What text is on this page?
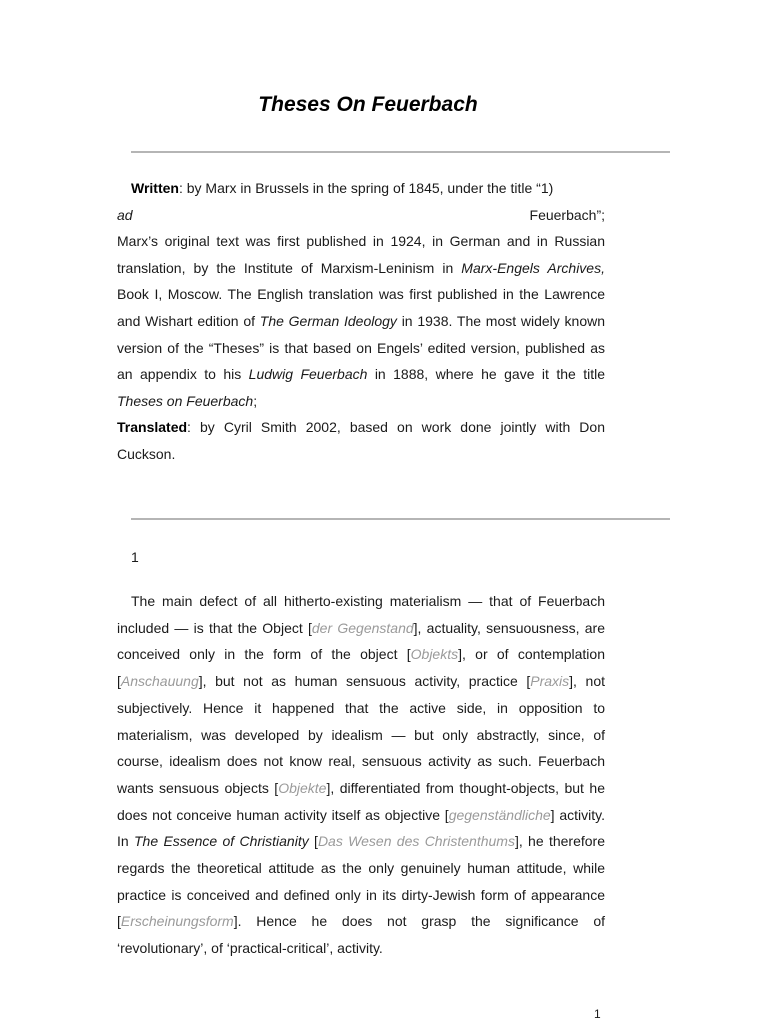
Theses On Feuerbach

Written: by Marx in Brussels in the spring of 1845, under the title “1)

ad	Feuerbach”;

Marx’s original text was first published in 1924, in German and in Russian translation, by the Institute of Marxism-Leninism in Marx-Engels Archives, Book I, Moscow. The English translation was first published in the Lawrence and Wishart edition of The German Ideology in 1938. The most widely known version of the “Theses” is that based on Engels’ edited version, published as an appendix to his Ludwig Feuerbach in 1888, where he gave it the title Theses on Feuerbach;

Translated: by Cyril Smith 2002, based on work done jointly with Don Cuckson.

1

The main defect of all hitherto-existing materialism — that of Feuerbach included — is that the Object [der Gegenstand], actuality, sensuousness, are conceived only in the form of the object [Objekts], or of contemplation [Anschauung], but not as human sensuous activity, practice [Praxis], not subjectively. Hence it happened that the active side, in opposition to materialism, was developed by idealism — but only abstractly, since, of course, idealism does not know real, sensuous activity as such. Feuerbach wants sensuous objects [Objekte], differentiated from thought-objects, but he does not conceive human activity itself as objective [gegenständliche] activity. In The Essence of Christianity [Das Wesen des Christenthums], he therefore regards the theoretical attitude as the only genuinely human attitude, while practice is conceived and defined only in its dirty-Jewish form of appearance [Erscheinungsform]. Hence he does not grasp the significance of ‘revolutionary’, of ‘practical-critical’, activity.

1
